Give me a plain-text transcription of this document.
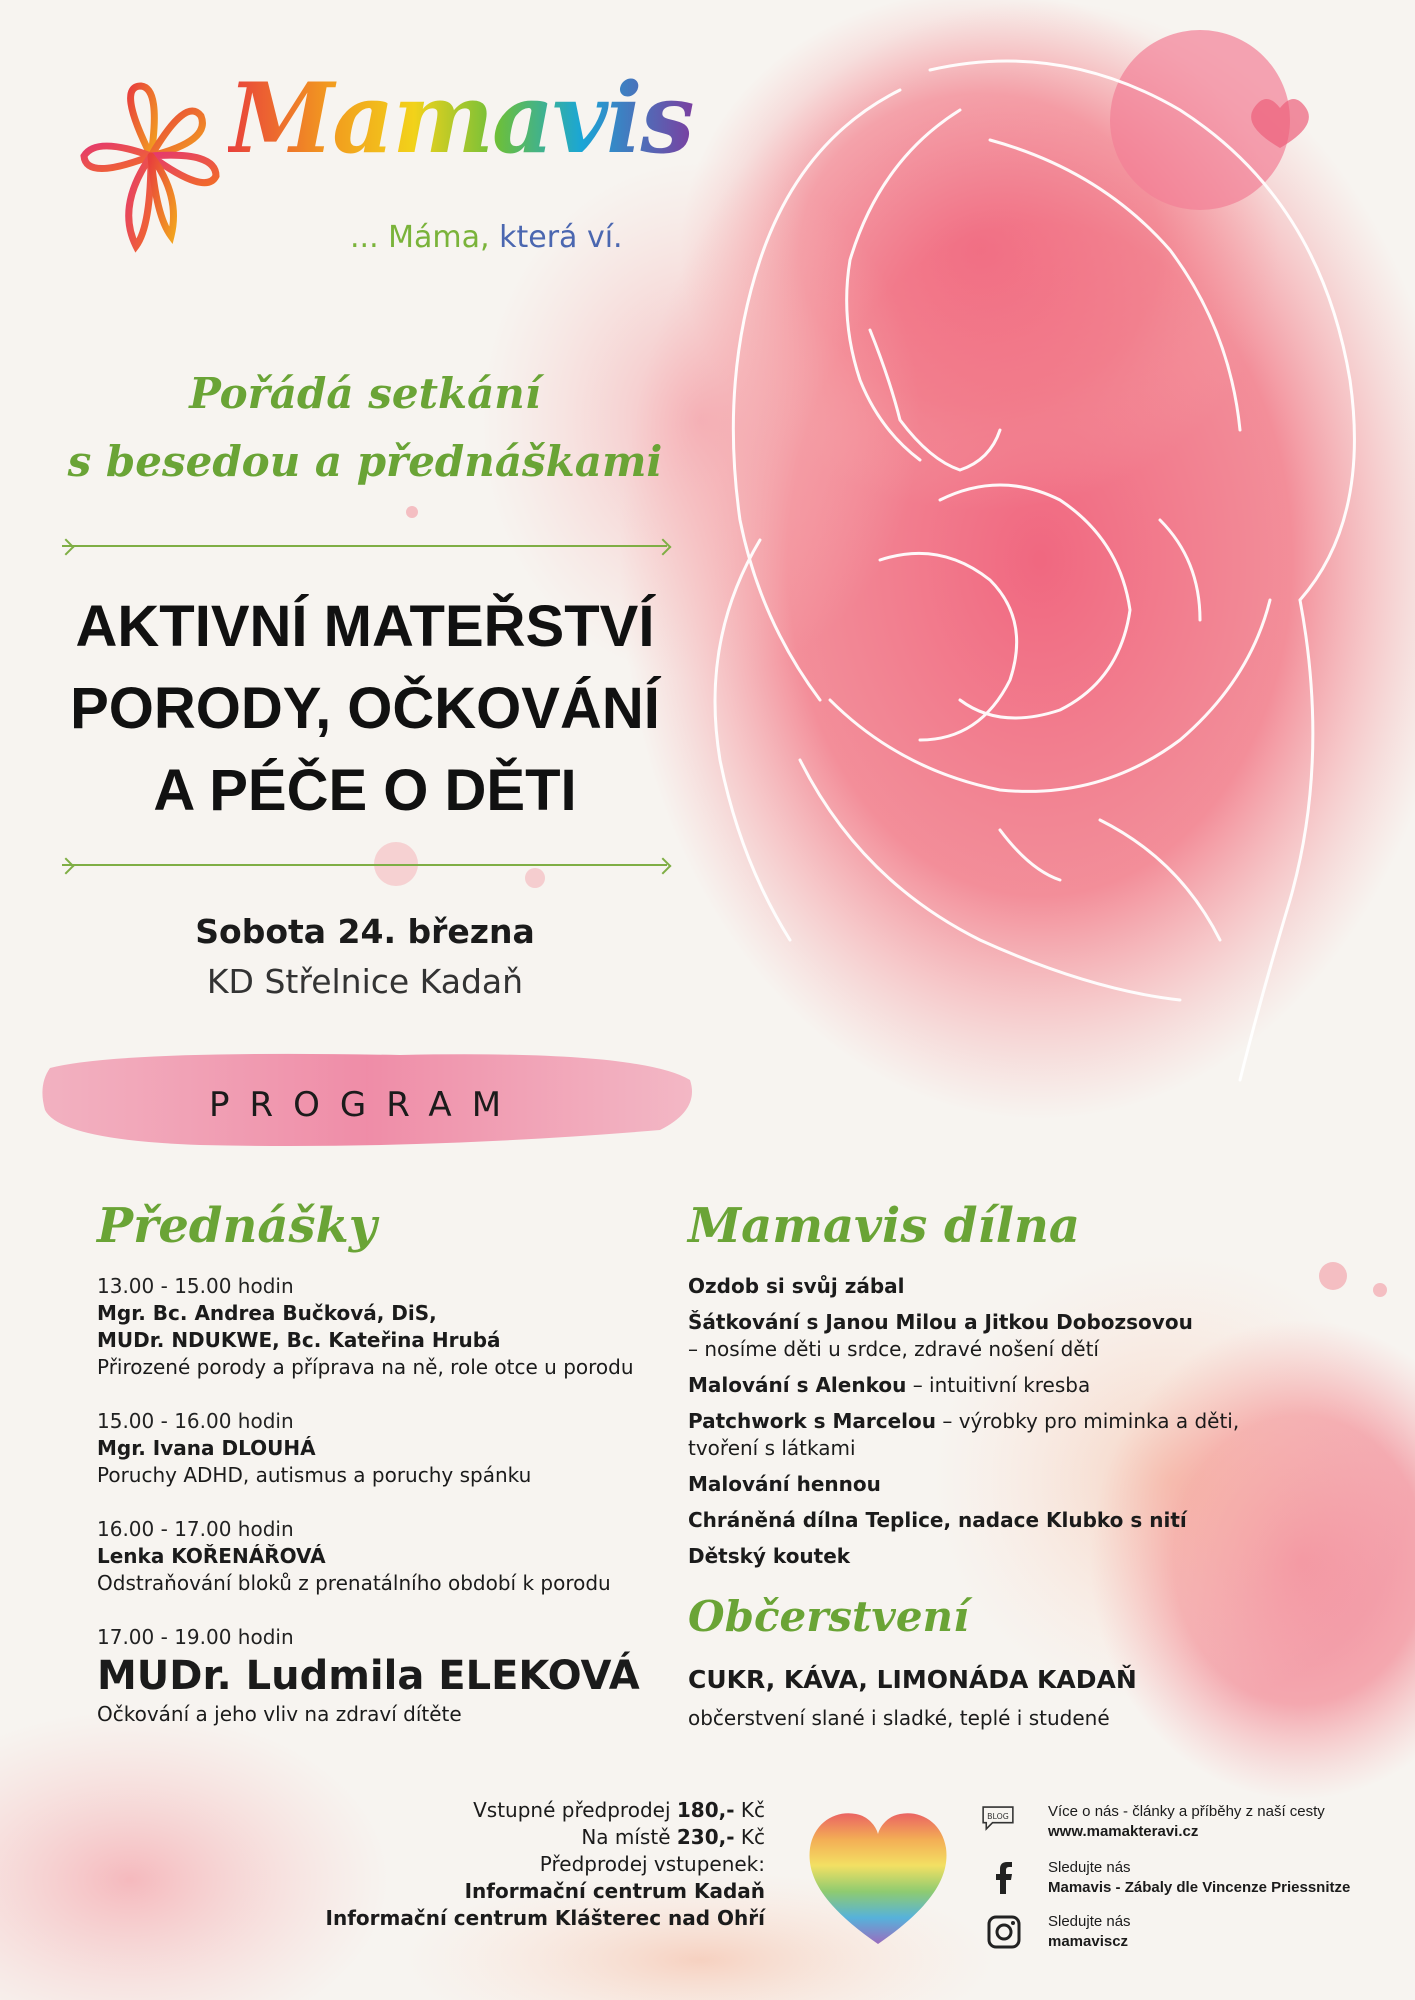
Mamavis
... Máma, která ví.
Pořádá setkání
s besedou a přednáškami
AKTIVNÍ MATEŘSTVÍ
PORODY, OČKOVÁNÍ
A PÉČE O DĚTI
Sobota 24. března
KD Střelnice Kadaň
PROGRAM
Přednášky
13.00 - 15.00 hodin
Mgr. Bc. Andrea Bučková, DiS,
MUDr. NDUKWE, Bc. Kateřina Hrubá
Přirozené porody a příprava na ně, role otce u porodu
15.00 - 16.00 hodin
Mgr. Ivana DLOUHÁ
Poruchy ADHD, autismus a poruchy spánku
16.00 - 17.00 hodin
Lenka KOŘENÁŘOVÁ
Odstraňování bloků z prenatálního období k porodu
17.00 - 19.00 hodin
MUDr. Ludmila ELEKOVÁ
Očkování a jeho vliv na zdraví dítěte
Mamavis dílna

Ozdob si svůj zábal

Šátkování s Janou Milou a Jitkou Dobozsovou
– nosíme děti u srdce, zdravé nošení dětí

Malování s Alenkou – intuitivní kresba

Patchwork s Marcelou – výrobky pro miminka a děti, tvoření s látkami

Malování hennou

Chráněná dílna Teplice, nadace Klubko s nití

Dětský koutek

Občerstvení
CUKR, KÁVA, LIMONÁDA KADAŇ
občerstvení slané i sladké, teplé i studené
Vstupné předprodej 180,- Kč
Na místě 230,- Kč
Předprodej vstupenek:
Informační centrum Kadaň
Informační centrum Klášterec nad Ohří
BLOG	Více o nás - články a příběhy z naší cesty
www.mamakteravi.cz
Sledujte nás
Mamavis - Zábaly dle Vincenze Priessnitze
Sledujte nás
mamaviscz
